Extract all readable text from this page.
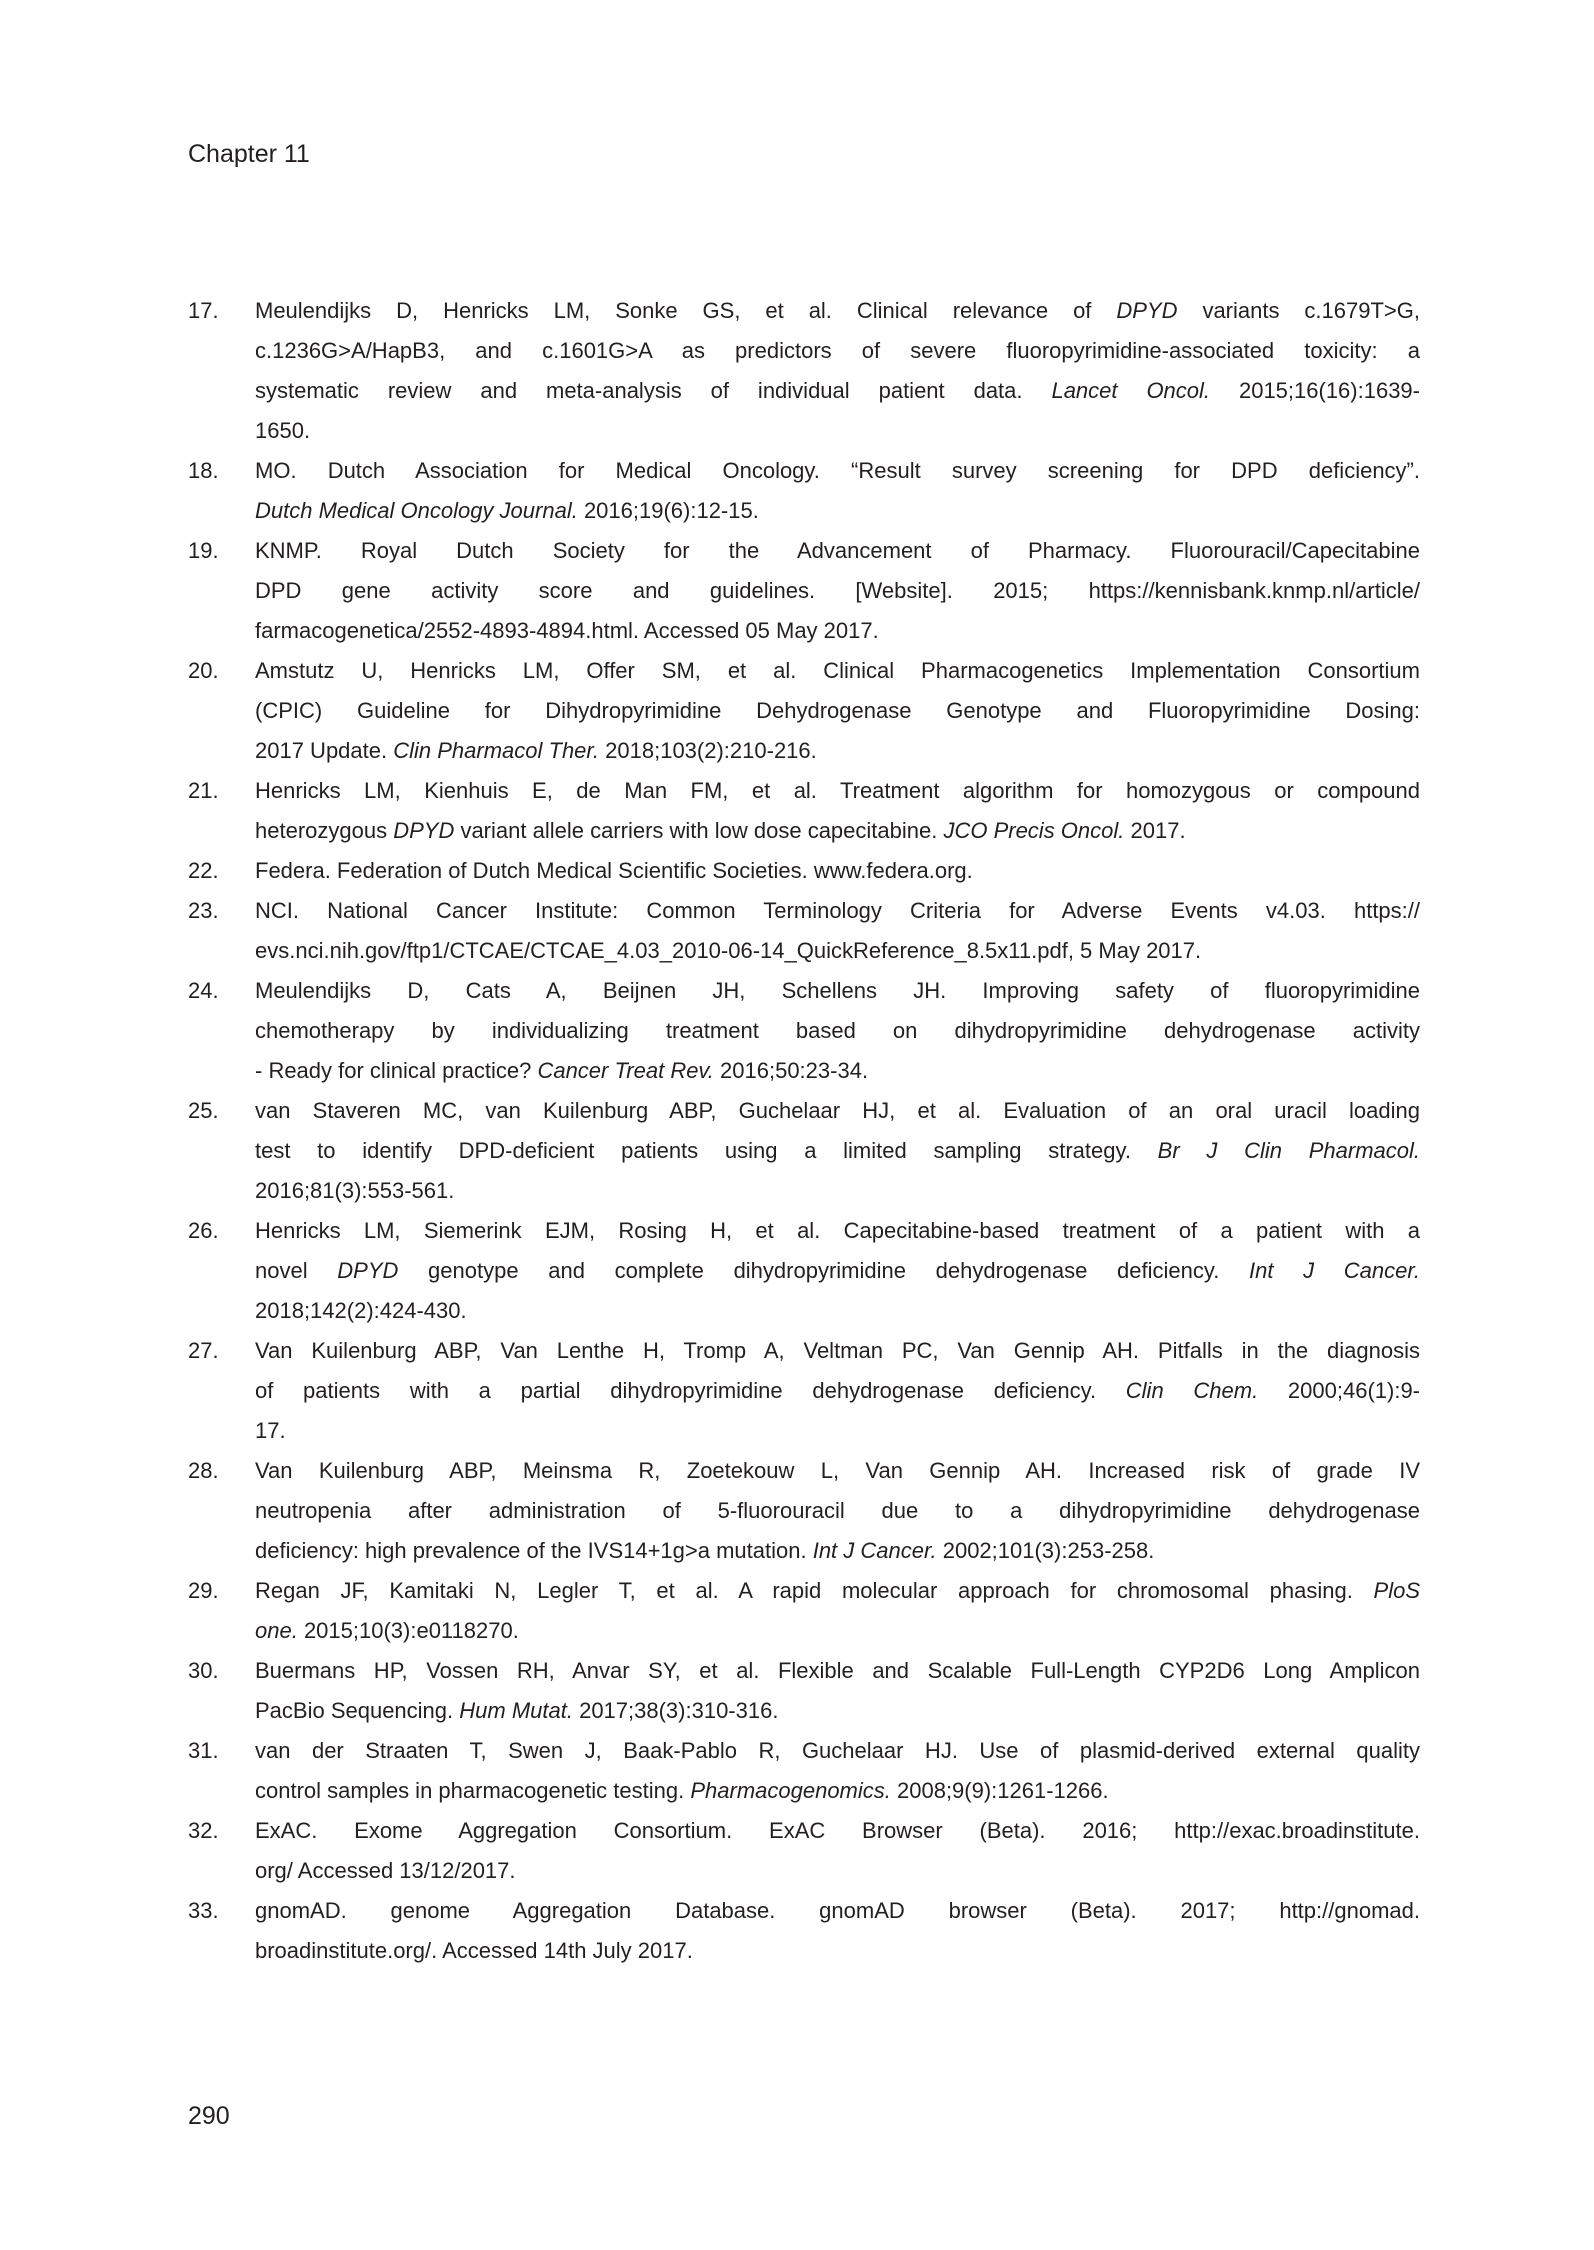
Chapter 11
17. Meulendijks D, Henricks LM, Sonke GS, et al. Clinical relevance of DPYD variants c.1679T>G,
c.1236G>A/HapB3, and c.1601G>A as predictors of severe fluoropyrimidine-associated toxicity: a
systematic review and meta-analysis of individual patient data. Lancet Oncol. 2015;16(16):1639-
1650.
18. MO. Dutch Association for Medical Oncology. “Result survey screening for DPD deficiency”.
Dutch Medical Oncology Journal. 2016;19(6):12-15.
19. KNMP. Royal Dutch Society for the Advancement of Pharmacy. Fluorouracil/Capecitabine
DPD gene activity score and guidelines. [Website]. 2015; https://kennisbank.knmp.nl/article/
farmacogenetica/2552-4893-4894.html. Accessed 05 May 2017.
20. Amstutz U, Henricks LM, Offer SM, et al. Clinical Pharmacogenetics Implementation Consortium
(CPIC) Guideline for Dihydropyrimidine Dehydrogenase Genotype and Fluoropyrimidine Dosing:
2017 Update. Clin Pharmacol Ther. 2018;103(2):210-216.
21. Henricks LM, Kienhuis E, de Man FM, et al. Treatment algorithm for homozygous or compound
heterozygous DPYD variant allele carriers with low dose capecitabine. JCO Precis Oncol. 2017.
22. Federa. Federation of Dutch Medical Scientific Societies. www.federa.org.
23. NCI. National Cancer Institute: Common Terminology Criteria for Adverse Events v4.03. https://
evs.nci.nih.gov/ftp1/CTCAE/CTCAE_4.03_2010-06-14_QuickReference_8.5x11.pdf, 5 May 2017.
24. Meulendijks D, Cats A, Beijnen JH, Schellens JH. Improving safety of fluoropyrimidine
chemotherapy by individualizing treatment based on dihydropyrimidine dehydrogenase activity
- Ready for clinical practice? Cancer Treat Rev. 2016;50:23-34.
25. van Staveren MC, van Kuilenburg ABP, Guchelaar HJ, et al. Evaluation of an oral uracil loading
test to identify DPD-deficient patients using a limited sampling strategy. Br J Clin Pharmacol.
2016;81(3):553-561.
26. Henricks LM, Siemerink EJM, Rosing H, et al. Capecitabine-based treatment of a patient with a
novel DPYD genotype and complete dihydropyrimidine dehydrogenase deficiency. Int J Cancer.
2018;142(2):424-430.
27. Van Kuilenburg ABP, Van Lenthe H, Tromp A, Veltman PC, Van Gennip AH. Pitfalls in the diagnosis
of patients with a partial dihydropyrimidine dehydrogenase deficiency. Clin Chem. 2000;46(1):9-
17.
28. Van Kuilenburg ABP, Meinsma R, Zoetekouw L, Van Gennip AH. Increased risk of grade IV
neutropenia after administration of 5-fluorouracil due to a dihydropyrimidine dehydrogenase
deficiency: high prevalence of the IVS14+1g>a mutation. Int J Cancer. 2002;101(3):253-258.
29. Regan JF, Kamitaki N, Legler T, et al. A rapid molecular approach for chromosomal phasing. PloS
one. 2015;10(3):e0118270.
30. Buermans HP, Vossen RH, Anvar SY, et al. Flexible and Scalable Full-Length CYP2D6 Long Amplicon
PacBio Sequencing. Hum Mutat. 2017;38(3):310-316.
31. van der Straaten T, Swen J, Baak-Pablo R, Guchelaar HJ. Use of plasmid-derived external quality
control samples in pharmacogenetic testing. Pharmacogenomics. 2008;9(9):1261-1266.
32. ExAC. Exome Aggregation Consortium. ExAC Browser (Beta). 2016; http://exac.broadinstitute.
org/ Accessed 13/12/2017.
33. gnomAD. genome Aggregation Database. gnomAD browser (Beta). 2017; http://gnomad.
broadinstitute.org/. Accessed 14th July 2017.
290
